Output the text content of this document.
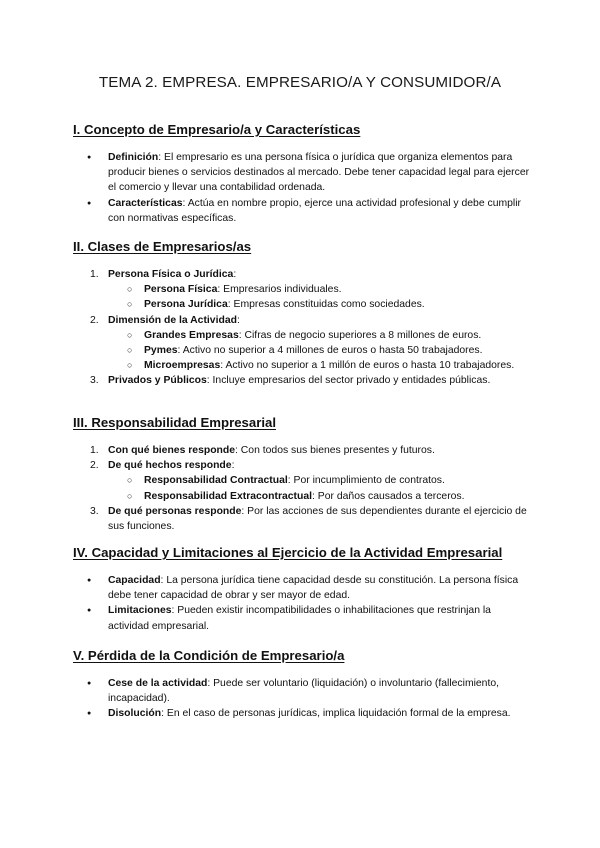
TEMA 2. EMPRESA. EMPRESARIO/A Y CONSUMIDOR/A
I. Concepto de Empresario/a y Características
● Definición: El empresario es una persona física o jurídica que organiza elementos para producir bienes o servicios destinados al mercado. Debe tener capacidad legal para ejercer el comercio y llevar una contabilidad ordenada.
● Características: Actúa en nombre propio, ejerce una actividad profesional y debe cumplir con normativas específicas.
II. Clases de Empresarios/as
1. Persona Física o Jurídica:
○ Persona Física: Empresarios individuales.
○ Persona Jurídica: Empresas constituidas como sociedades.
2. Dimensión de la Actividad:
○ Grandes Empresas: Cifras de negocio superiores a 8 millones de euros.
○ Pymes: Activo no superior a 4 millones de euros o hasta 50 trabajadores.
○ Microempresas: Activo no superior a 1 millón de euros o hasta 10 trabajadores.
3. Privados y Públicos: Incluye empresarios del sector privado y entidades públicas.
III. Responsabilidad Empresarial
1. Con qué bienes responde: Con todos sus bienes presentes y futuros.
2. De qué hechos responde:
○ Responsabilidad Contractual: Por incumplimiento de contratos.
○ Responsabilidad Extracontractual: Por daños causados a terceros.
3. De qué personas responde: Por las acciones de sus dependientes durante el ejercicio de sus funciones.
IV. Capacidad y Limitaciones al Ejercicio de la Actividad Empresarial
● Capacidad: La persona jurídica tiene capacidad desde su constitución. La persona física debe tener capacidad de obrar y ser mayor de edad.
● Limitaciones: Pueden existir incompatibilidades o inhabilitaciones que restrinjan la actividad empresarial.
V. Pérdida de la Condición de Empresario/a
● Cese de la actividad: Puede ser voluntario (liquidación) o involuntario (fallecimiento, incapacidad).
● Disolución: En el caso de personas jurídicas, implica liquidación formal de la empresa.
